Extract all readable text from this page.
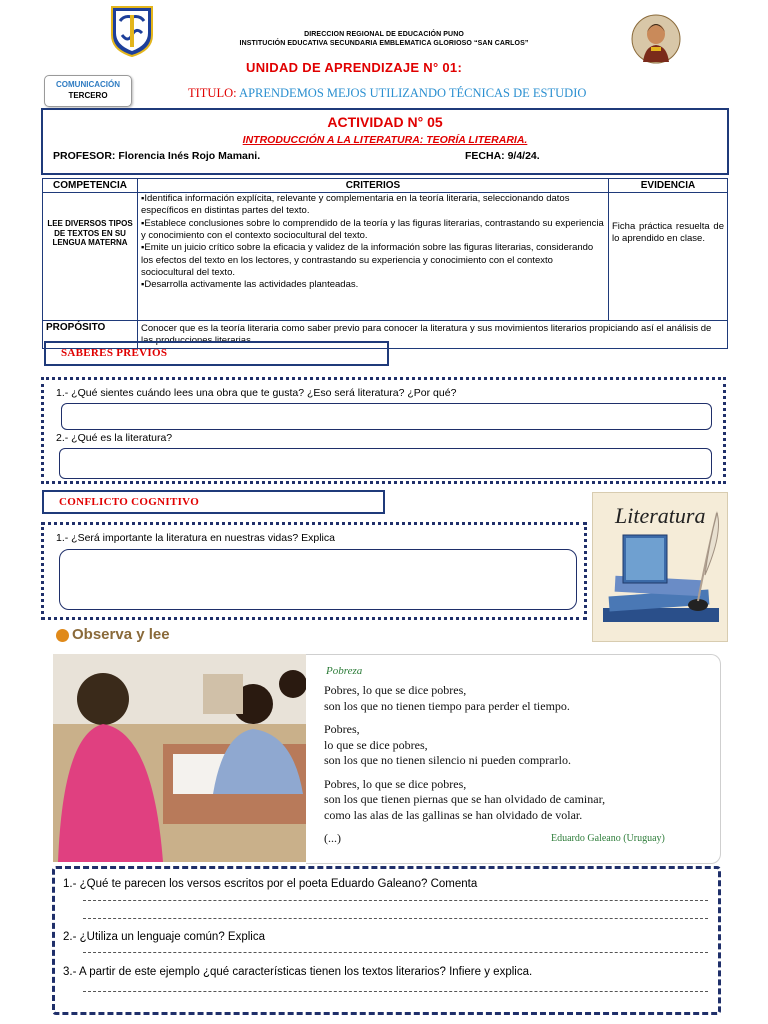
DIRECCION REGIONAL DE EDUCACIÓN PUNO
INSTITUCIÓN EDUCATIVA SECUNDARIA EMBLEMATICA GLORIOSO “SAN CARLOS”
COMUNICACIÓN
TERCERO
UNIDAD DE APRENDIZAJE N° 01:
TITULO: APRENDEMOS MEJOS UTILIZANDO TÉCNICAS DE ESTUDIO
ACTIVIDAD N° 05
INTRODUCCIÓN A LA LITERATURA: TEORÍA LITERARIA.
PROFESOR: Florencia Inés Rojo Mamani.	FECHA: 9/4/24.
COMPETENCIA	CRITERIOS	EVIDENCIA
LEE DIVERSOS TIPOS DE TEXTOS EN SU LENGUA MATERNA	▪Identifica información explícita, relevante y complementaria en la teoría literaria, seleccionando datos específicos en distintas partes del texto.

▪Establece conclusiones sobre lo comprendido de la teoría y las figuras literarias, contrastando su experiencia y conocimiento con el contexto sociocultural del texto.

▪Emite un juicio crítico sobre la eficacia y validez de la información sobre las figuras literarias, considerando los efectos del texto en los lectores, y contrastando su experiencia y conocimiento con el contexto sociocultural del texto.

▪Desarrolla activamente las actividades planteadas.	Ficha práctica resuelta de lo aprendido en clase.
PROPÓSITO	Conocer que es la teoría literaria como saber previo para conocer la literatura y sus movimientos literarios propiciando así el análisis de las producciones literarias.	
SABERES PREVIOS
1.- ¿Qué sientes cuándo lees una obra que te gusta? ¿Eso será literatura? ¿Por qué?
2.- ¿Qué es la literatura?
CONFLICTO COGNITIVO
1.- ¿Será importante la literatura en nuestras vidas? Explica
Literatura
Observa y lee
Pobreza
Pobres, lo que se dice pobres,
son los que no tienen tiempo para perder el tiempo.
Pobres,
lo que se dice pobres,
son los que no tienen silencio ni pueden comprarlo.
Pobres, lo que se dice pobres,
son los que tienen piernas que se han olvidado de caminar,
como las alas de las gallinas se han olvidado de volar.
(...)	Eduardo Galeano (Uruguay)
1.- ¿Qué te parecen los versos escritos por el poeta Eduardo Galeano? Comenta
2.- ¿Utiliza un lenguaje común? Explica
3.- A partir de este ejemplo ¿qué características tienen los textos literarios? Infiere y explica.
